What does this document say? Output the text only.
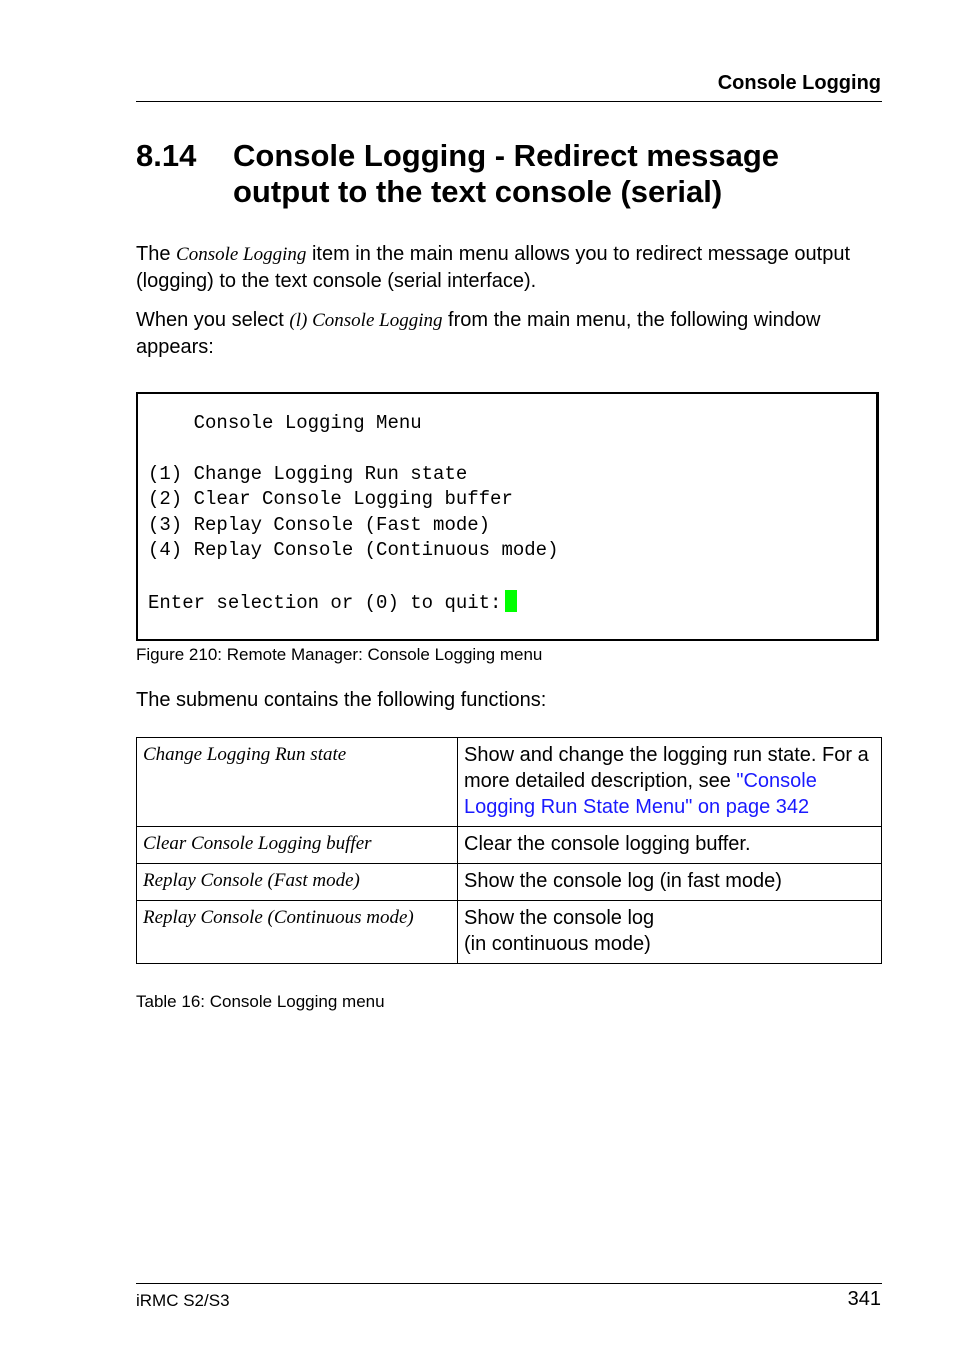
Console Logging
8.14 Console Logging - Redirect message output to the text console (serial)
The Console Logging item in the main menu allows you to redirect message output (logging) to the text console (serial interface).
When you select (l) Console Logging from the main menu, the following window appears:
Console Logging Menu
(1) Change Logging Run state
(2) Clear Console Logging buffer
(3) Replay Console (Fast mode)
(4) Replay Console (Continuous mode)
Enter selection or (0) to quit:
Figure 210: Remote Manager: Console Logging menu
The submenu contains the following functions:
Change Logging Run state	Show and change the logging run state. For a more detailed description, see "Console Logging Run State Menu" on page 342
Clear Console Logging buffer	Clear the console logging buffer.
Replay Console (Fast mode)	Show the console log (in fast mode)
Replay Console (Continuous mode)	Show the console log
(in continuous mode)
Table 16: Console Logging menu
iRMC S2/S3	341
